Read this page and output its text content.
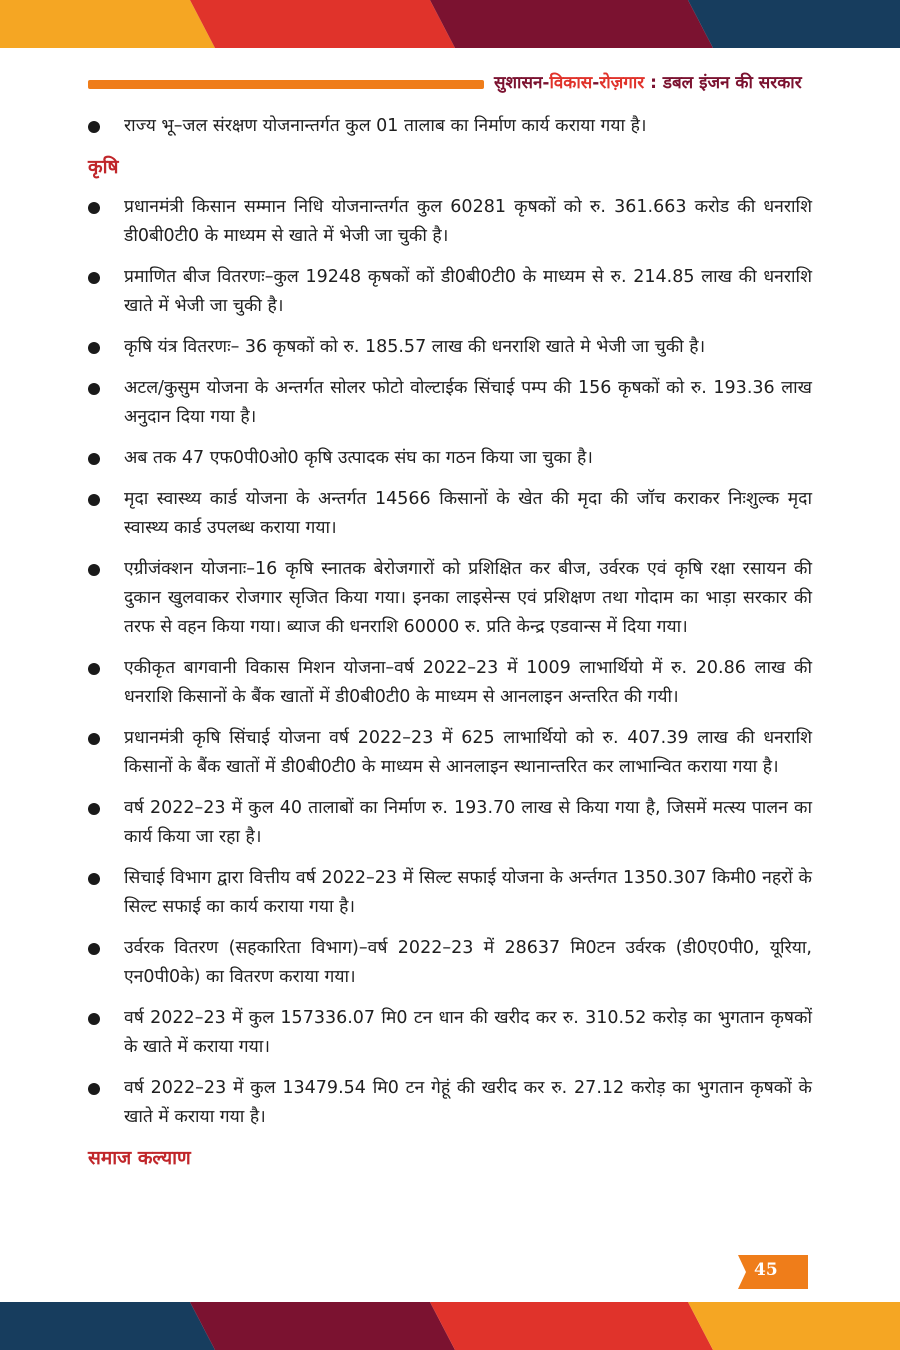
सुशासन-विकास-रोज़गार : डबल इंजन की सरकार
राज्य भू–जल संरक्षण योजनान्तर्गत कुल 01 तालाब का निर्माण कार्य कराया गया है।
कृषि
प्रधानमंत्री किसान सम्मान निधि योजनान्तर्गत कुल 60281 कृषकों को रु. 361.663 करोड की धनराशि डी0बी0टी0 के माध्यम से खाते में भेजी जा चुकी है।
प्रमाणित बीज वितरणः–कुल 19248 कृषकों कों डी0बी0टी0 के माध्यम से रु. 214.85 लाख की धनराशि खाते में भेजी जा चुकी है।
कृषि यंत्र वितरणः– 36 कृषकों को रु. 185.57 लाख की धनराशि खाते मे भेजी जा चुकी है।
अटल/कुसुम योजना के अन्तर्गत सोलर फोटो वोल्टाईक सिंचाई पम्प की 156 कृषकों को रु. 193.36 लाख अनुदान दिया गया है।
अब तक 47 एफ0पी0ओ0 कृषि उत्पादक संघ का गठन किया जा चुका है।
मृदा स्वास्थ्य कार्ड योजना के अन्तर्गत 14566 किसानों के खेत की मृदा की जॉच कराकर निःशुल्क मृदा स्वास्थ्य कार्ड उपलब्ध कराया गया।
एग्रीजंक्शन योजनाः–16 कृषि स्नातक बेरोजगारों को प्रशिक्षित कर बीज, उर्वरक एवं कृषि रक्षा रसायन की दुकान खुलवाकर रोजगार सृजित किया गया। इनका लाइसेन्स एवं प्रशिक्षण तथा गोदाम का भाड़ा सरकार की तरफ से वहन किया गया। ब्याज की धनराशि 60000 रु. प्रति केन्द्र एडवान्स में दिया गया।
एकीकृत बागवानी विकास मिशन योजना–वर्ष 2022–23 में 1009 लाभार्थियो में रु. 20.86 लाख की धनराशि किसानों के बैंक खातों में डी0बी0टी0 के माध्यम से आनलाइन अन्तरित की गयी।
प्रधानमंत्री कृषि सिंचाई योजना वर्ष 2022–23 में 625 लाभार्थियो को रु. 407.39 लाख की धनराशि किसानों के बैंक खातों में डी0बी0टी0 के माध्यम से आनलाइन स्थानान्तरित कर लाभान्वित कराया गया है।
वर्ष 2022–23 में कुल 40 तालाबों का निर्माण रु. 193.70 लाख से किया गया है, जिसमें मत्स्य पालन का कार्य किया जा रहा है।
सिचाई विभाग द्वारा वित्तीय वर्ष 2022–23 में सिल्ट सफाई योजना के अर्न्तगत 1350.307 किमी0 नहरों के सिल्ट सफाई का कार्य कराया गया है।
उर्वरक वितरण (सहकारिता विभाग)–वर्ष 2022–23 में 28637 मि0टन उर्वरक (डी0ए0पी0, यूरिया, एन0पी0के) का वितरण कराया गया।
वर्ष 2022–23 में कुल 157336.07 मि0 टन धान की खरीद कर रु. 310.52 करोड़ का भुगतान कृषकों के खाते में कराया गया।
वर्ष 2022–23 में कुल 13479.54 मि0 टन गेहूं की खरीद कर रु. 27.12 करोड़ का भुगतान कृषकों के खाते में कराया गया है।
समाज कल्याण
45
